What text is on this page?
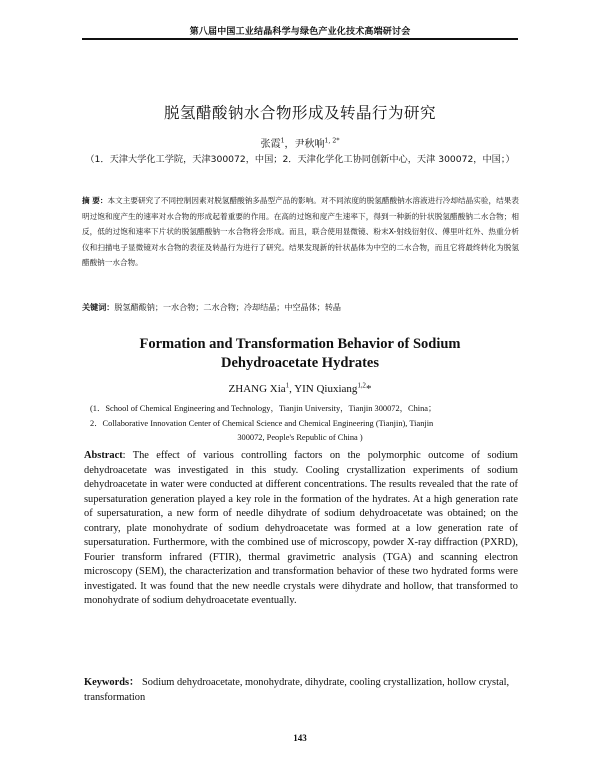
第八届中国工业结晶科学与绿色产业化技术高端研讨会
脱氢醋酸钠水合物形成及转晶行为研究
张霞$^1$，尹秋响$^{1, 2*}$
（1．天津大学化工学院，天津300072，中国；2．天津化学化工协同创新中心，天津 300072，中国；）
摘 要：本文主要研究了不同控制因素对脱氢醋酸钠多晶型产品的影响。对不同浓度的脱氢醋酸钠水溶液进行冷却结晶实验，结果表明过饱和度产生的速率对水合物的形成起着重要的作用。在高的过饱和度产生速率下，得到一种新的针状脱氢醋酸钠二水合物；相反，低的过饱和速率下片状的脱氢醋酸钠一水合物将会形成。而且，联合使用显微镜、粉末X-射线衍射仪、傅里叶红外、热重分析仪和扫描电子显微镜对水合物的表征及转晶行为进行了研究。结果发现新的针状晶体为中空的二水合物，而且它将最终转化为脱氢醋酸钠一水合物。
关键词：脱氢醋酸钠；一水合物；二水合物；冷却结晶；中空晶体；转晶
Formation and Transformation Behavior of Sodium
Dehydroacetate Hydrates
ZHANG Xia$^1$, YIN Qiuxiang$^{1,2}$*
(1．School of Chemical Engineering and Technology，Tianjin University，Tianjin 300072，China；
2．Collaborative Innovation Center of Chemical Science and Chemical Engineering (Tianjin), Tianjin
300072, People's Republic of China )
Abstract: The effect of various controlling factors on the polymorphic outcome of sodium dehydroacetate was investigated in this study. Cooling crystallization experiments of sodium dehydroacetate in water were conducted at different concentrations. The results revealed that the rate of supersaturation generation played a key role in the formation of the hydrates. At a high generation rate of supersaturation, a new form of needle dihydrate of sodium dehydroacetate was obtained; on the contrary, plate monohydrate of sodium dehydroacetate was formed at a low generation rate of supersaturation. Furthermore, with the combined use of microscopy, powder X-ray diffraction (PXRD), Fourier transform infrared (FTIR), thermal gravimetric analysis (TGA) and scanning electron microscopy (SEM), the characterization and transformation behavior of these two hydrated forms were investigated. It was found that the new needle crystals were dihydrate and hollow, that transformed to monohydrate of sodium dehydroacetate eventually.
Keywords： Sodium dehydroacetate, monohydrate, dihydrate, cooling crystallization, hollow crystal, transformation
143
